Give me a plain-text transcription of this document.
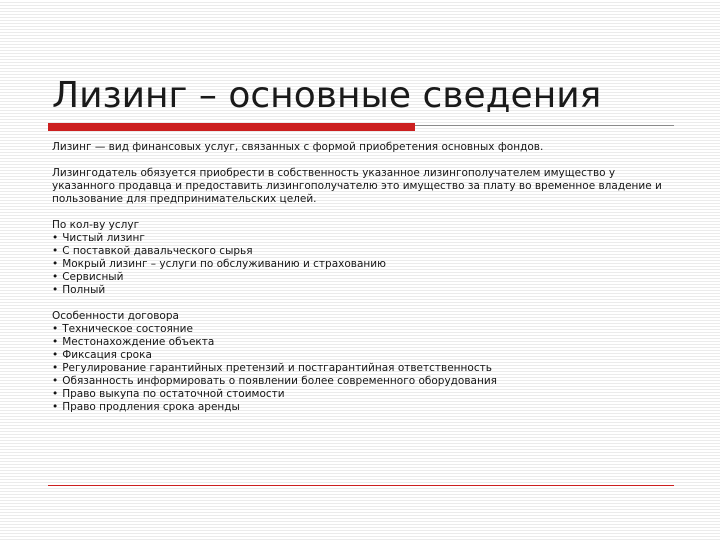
Лизинг – основные сведения

Лизинг — вид финансовых услуг, связанных с формой приобретения основных фондов.

Лизингодатель обязуется приобрести в собственность указанное лизингополучателем имущество у указанного продавца и предоставить лизингополучателю это имущество за плату во временное владение и пользование для предпринимательских целей.

По кол-ву услуг

• Чистый лизинг
• С поставкой давальческого сырья
• Мокрый лизинг – услуги по обслуживанию и страхованию
• Сервисный
• Полный

Особенности договора

• Техническое состояние
• Местонахождение объекта
• Фиксация срока
• Регулирование гарантийных претензий и постгарантийная ответственность
• Обязанность информировать о появлении более современного оборудования
• Право выкупа по остаточной стоимости
• Право продления срока аренды
